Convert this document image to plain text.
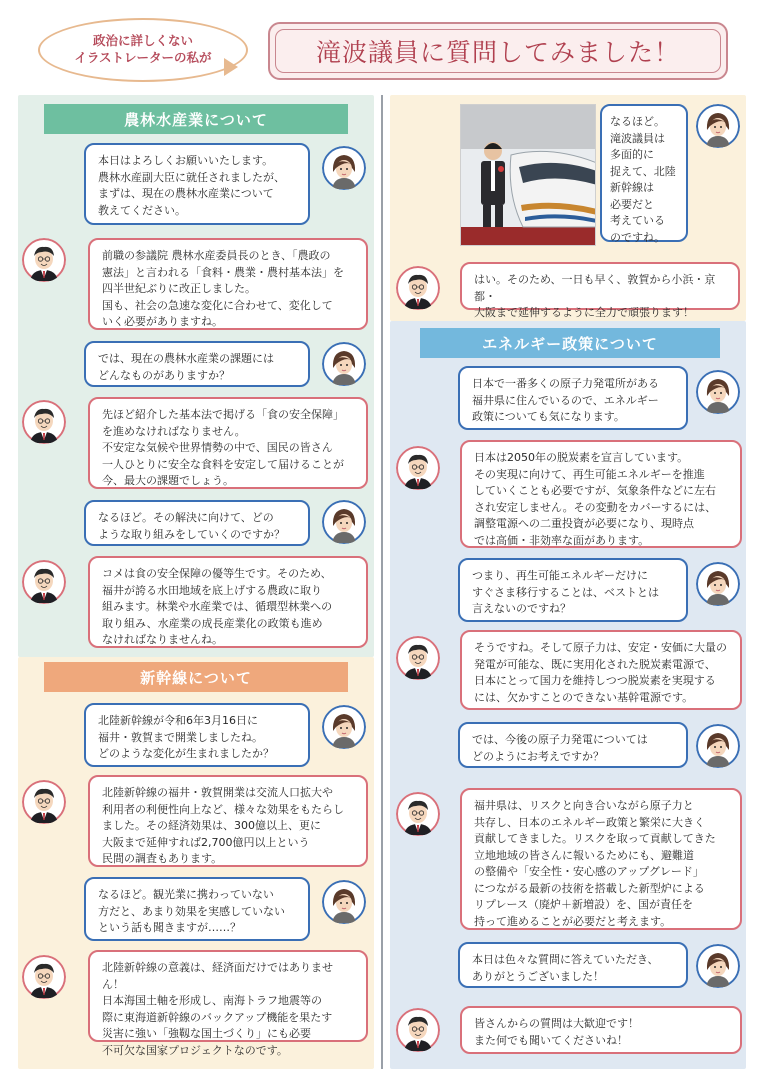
政治に詳しくない
イラストレーターの私が	滝波議員に質問してみました！
農林水産業について
新幹線について
エネルギー政策について

本日はよろしくお願いいたします。

農林水産副大臣に就任されましたが、

まずは、現在の農林水産業について

教えてください。

前職の参議院 農林水産委員長のとき、「農政の

憲法」と言われる「食料・農業・農村基本法」を

四半世紀ぶりに改正しました。

国も、社会の急速な変化に合わせて、変化して

いく必要がありますね。

では、現在の農林水産業の課題には

どんなものがありますか？

先ほど紹介した基本法で掲げる「食の安全保障」

を進めなければなりません。

不安定な気候や世界情勢の中で、国民の皆さん

一人ひとりに安全な食料を安定して届けることが

今、最大の課題でしょう。

なるほど。その解決に向けて、どの

ような取り組みをしていくのですか？

コメは食の安全保障の優等生です。そのため、

福井が誇る水田地域を底上げする農政に取り

組みます。林業や水産業では、循環型林業への

取り組み、水産業の成長産業化の政策も進め

なければなりませんね。

北陸新幹線が令和6年3月16日に

福井・敦賀まで開業しましたね。

どのような変化が生まれましたか？

北陸新幹線の福井・敦賀開業は交流人口拡大や

利用者の利便性向上など、様々な効果をもたらし

ました。その経済効果は、300億以上、更に

大阪まで延伸すれば2,700億円以上という

民間の調査もあります。

なるほど。観光業に携わっていない

方だと、あまり効果を実感していない

という話も聞きますが……？

北陸新幹線の意義は、経済面だけではありません！

日本海国土軸を形成し、南海トラフ地震等の

際に東海道新幹線のバックアップ機能を果たす

災害に強い「強靱な国土づくり」にも必要

不可欠な国家プロジェクトなのです。

なるほど。

滝波議員は

多面的に

捉えて、北陸

新幹線は

必要だと

考えている

のですね。

はい。そのため、一日も早く、敦賀から小浜・京都・

大阪まで延伸するように全力で頑張ります！

日本で一番多くの原子力発電所がある

福井県に住んでいるので、エネルギー

政策についても気になります。

日本は2050年の脱炭素を宣言しています。

その実現に向けて、再生可能エネルギーを推進

していくことも必要ですが、気象条件などに左右

され安定しません。その変動をカバーするには、

調整電源への二重投資が必要になり、現時点

では高価・非効率な面があります。

つまり、再生可能エネルギーだけに

すぐさま移行することは、ベストとは

言えないのですね？

そうですね。そして原子力は、安定・安価に大量の

発電が可能な、既に実用化された脱炭素電源で、

日本にとって国力を維持しつつ脱炭素を実現する

には、欠かすことのできない基幹電源です。

では、今後の原子力発電については

どのようにお考えですか？

福井県は、リスクと向き合いながら原子力と

共存し、日本のエネルギー政策と繁栄に大きく

貢献してきました。リスクを取って貢献してきた

立地地域の皆さんに報いるためにも、避難道

の整備や「安全性・安心感のアップグレード」

につながる最新の技術を搭載した新型炉による

リプレース（廃炉＋新増設）を、国が責任を

持って進めることが必要だと考えます。

本日は色々な質問に答えていただき、

ありがとうございました！

皆さんからの質問は大歓迎です！

また何でも聞いてくださいね！
